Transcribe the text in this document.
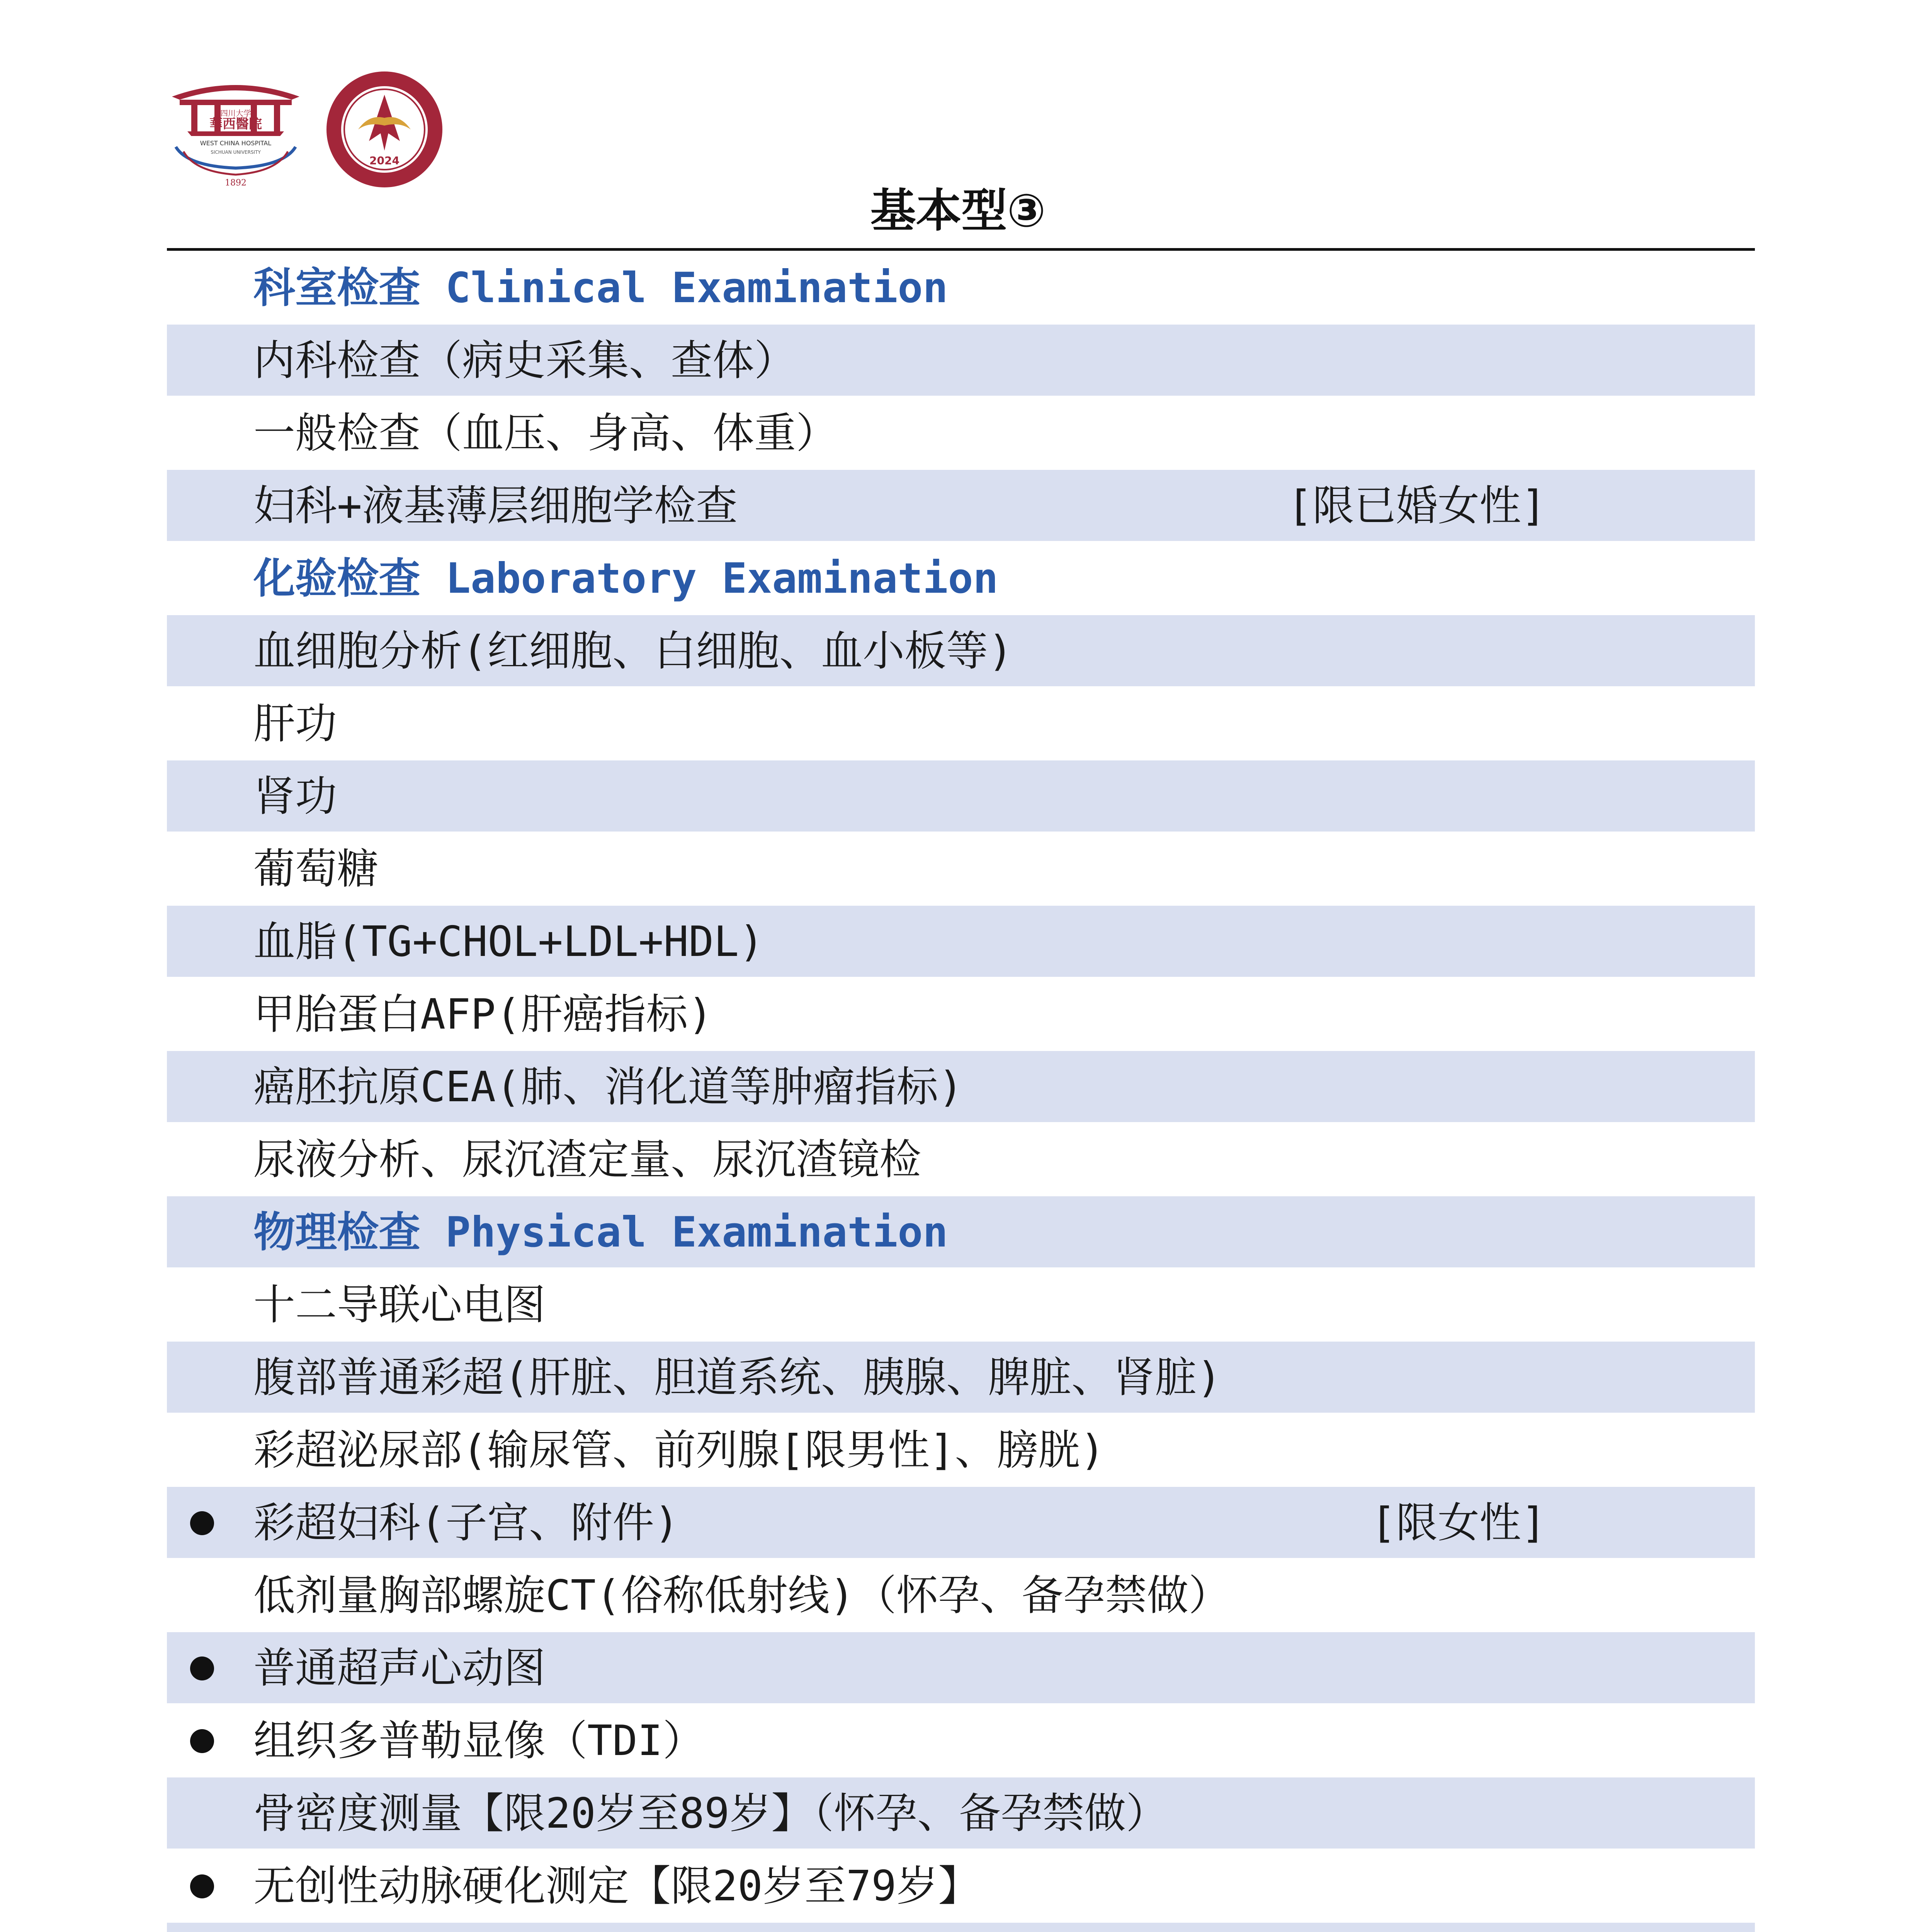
四川大学
華西醫院
WEST CHINA HOSPITAL
SICHUAN UNIVERSITY
1892
2024
基本型③
科室检查 Clinical Examination
内科检查（病史采集、查体）
一般检查（血压、身高、体重）
妇科+液基薄层细胞学检查	[限已婚女性]
化验检查 Laboratory Examination
血细胞分析(红细胞、白细胞、血小板等)
肝功
肾功
葡萄糖
血脂(TG+CHOL+LDL+HDL)
甲胎蛋白AFP(肝癌指标)
癌胚抗原CEA(肺、消化道等肿瘤指标)
尿液分析、尿沉渣定量、尿沉渣镜检
物理检查 Physical Examination
十二导联心电图
腹部普通彩超(肝脏、胆道系统、胰腺、脾脏、肾脏)
彩超泌尿部(输尿管、前列腺[限男性]、膀胱)
彩超妇科(子宫、附件)	[限女性]
低剂量胸部螺旋CT(俗称低射线)（怀孕、备孕禁做）
普通超声心动图
组织多普勒显像（TDI）
骨密度测量【限20岁至89岁】（怀孕、备孕禁做）
无创性动脉硬化测定【限20岁至79岁】
